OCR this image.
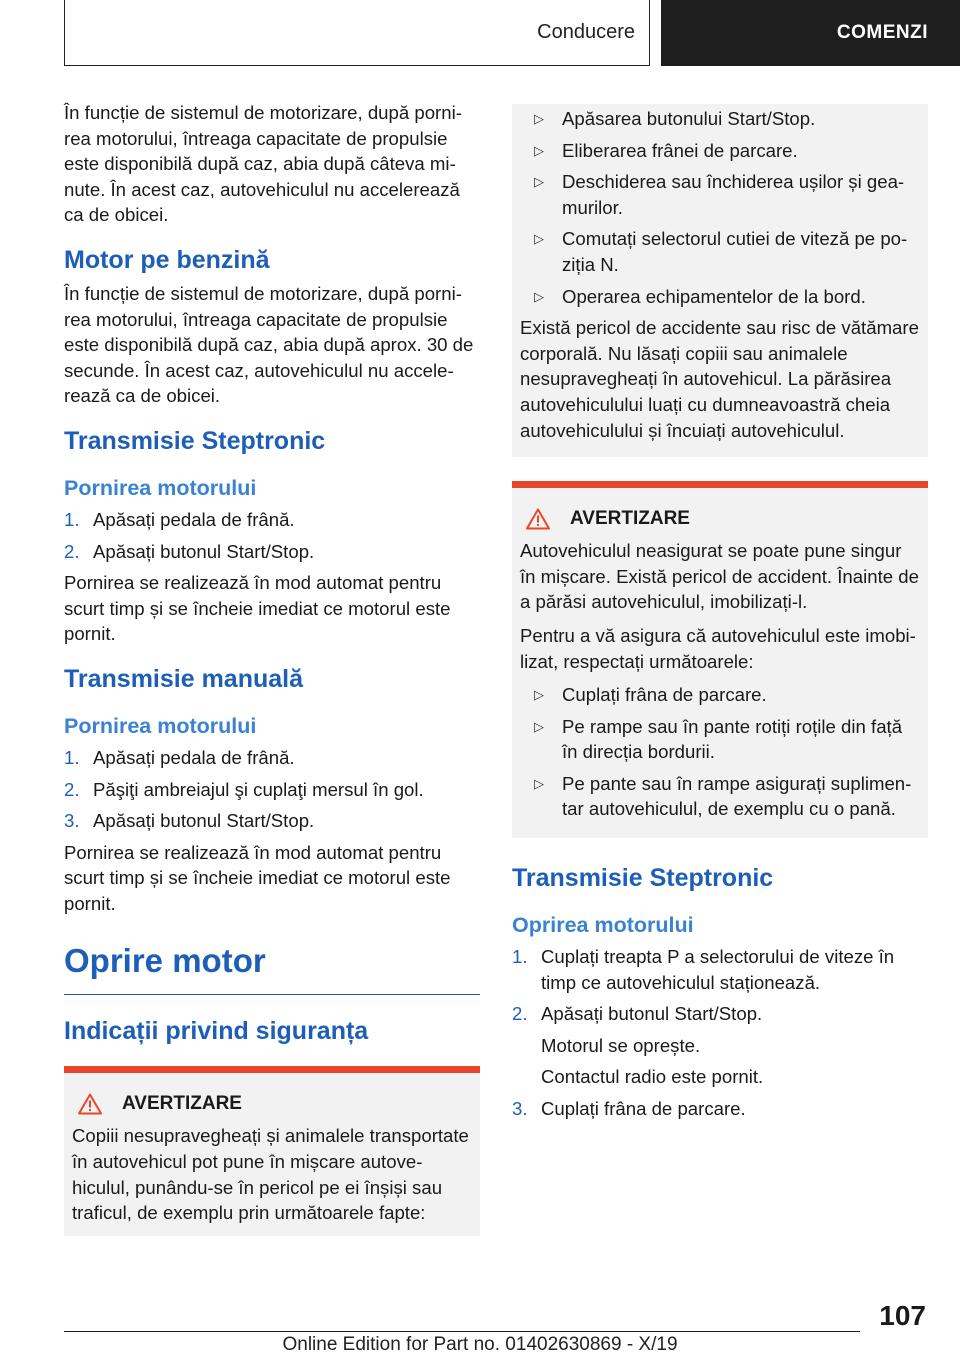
Conducere	COMENZI

În funcție de sistemul de motorizare, după pornirea motorului, întreaga capacitate de propulsie este disponibilă după caz, abia după câteva minute. În acest caz, autovehiculul nu accelerează ca de obicei.

Motor pe benzină

În funcție de sistemul de motorizare, după pornirea motorului, întreaga capacitate de propulsie este disponibilă după caz, abia după aprox. 30 de secunde. În acest caz, autovehiculul nu accelerează ca de obicei.

Transmisie Steptronic
Pornirea motorului
1. Apăsați pedala de frână.
2. Apăsați butonul Start/Stop.

Pornirea se realizează în mod automat pentru scurt timp și se încheie imediat ce motorul este pornit.

Transmisie manuală
Pornirea motorului
1. Apăsați pedala de frână.
2. Păşiţi ambreiajul şi cuplaţi mersul în gol.
3. Apăsați butonul Start/Stop.

Pornirea se realizează în mod automat pentru scurt timp și se încheie imediat ce motorul este pornit.

Oprire motor
Indicații privind siguranța
AVERTIZARE

Copiii nesupravegheați și animalele transportate în autovehicul pot pune în mișcare autovehiculul, punându-se în pericol pe ei înșiși sau traficul, de exemplu prin următoarele fapte:

▷ Apăsarea butonului Start/Stop.
▷ Eliberarea frânei de parcare.
▷ Deschiderea sau închiderea ușilor și geamurilor.
▷ Comutați selectorul cutiei de viteză pe poziția N.
▷ Operarea echipamentelor de la bord.

Există pericol de accidente sau risc de vătămare corporală. Nu lăsați copiii sau animalele nesupravegheați în autovehicul. La părăsirea autovehiculului luați cu dumneavoastră cheia autovehiculului și încuiați autovehiculul.

AVERTIZARE

Autovehiculul neasigurat se poate pune singur în mișcare. Există pericol de accident. Înainte de a părăsi autovehiculul, imobilizați-l.

Pentru a vă asigura că autovehiculul este imobilizat, respectați următoarele:

▷ Cuplați frâna de parcare.
▷ Pe rampe sau în pante rotiți roțile din față în direcția bordurii.
▷ Pe pante sau în rampe asigurați suplimentar autovehiculul, de exemplu cu o pană.
Transmisie Steptronic
Oprirea motorului
1. Cuplați treapta P a selectorului de viteze în timp ce autovehiculul staționează.
2. Apăsați butonul Start/Stop.
Motorul se oprește.
Contactul radio este pornit.
3. Cuplați frâna de parcare.
107
Online Edition for Part no. 01402630869 - X/19
